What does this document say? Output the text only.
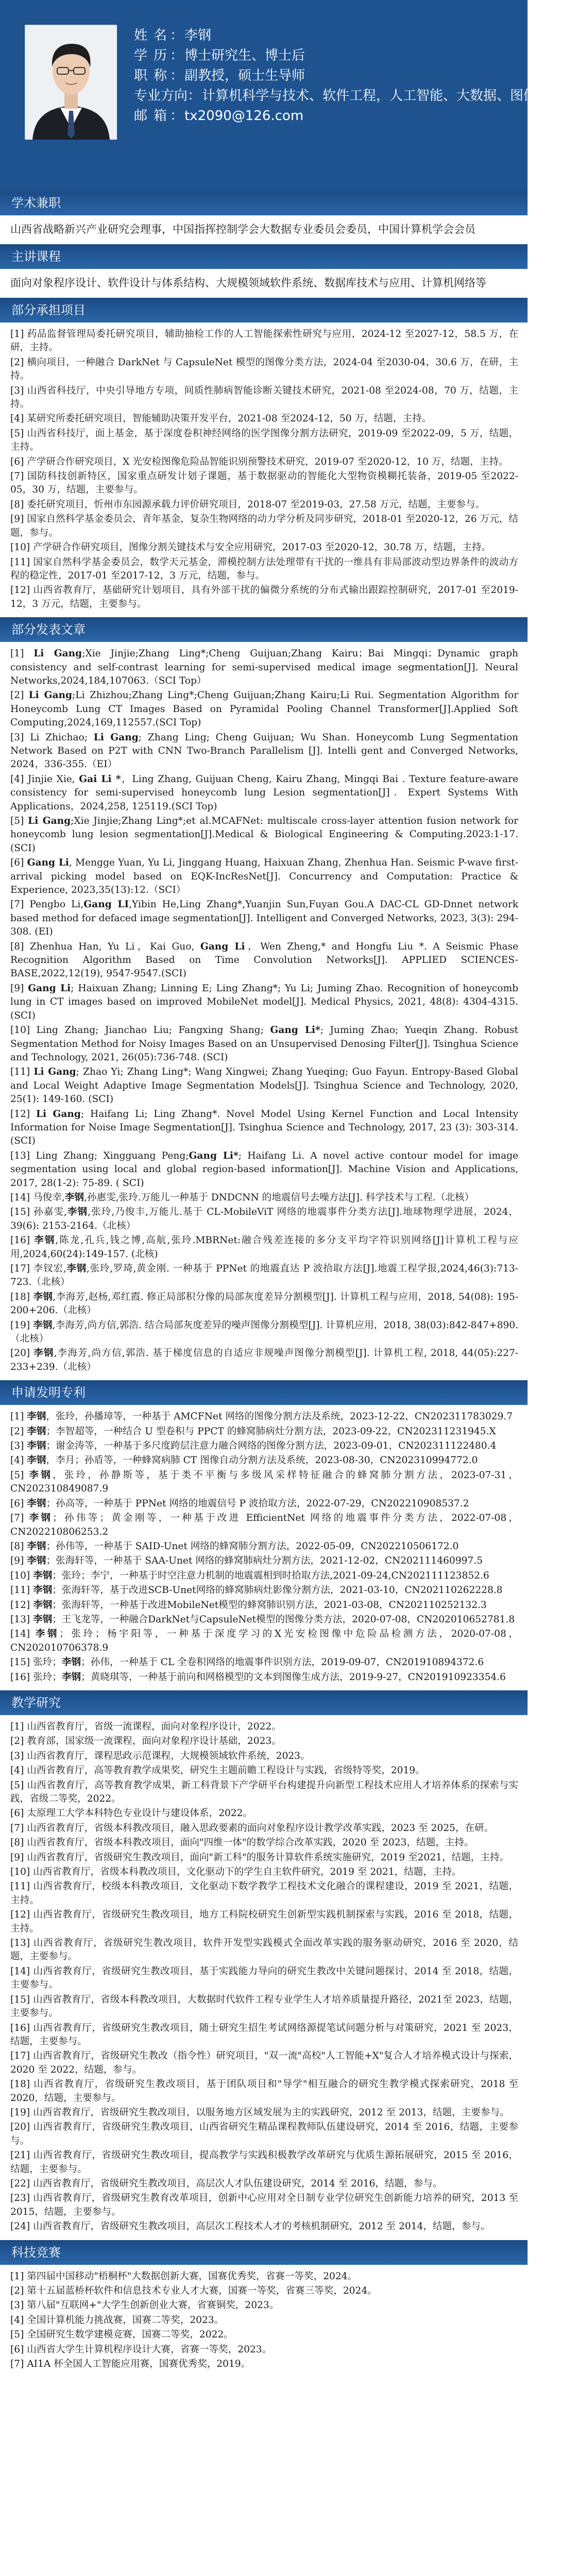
姓名
： 李钢
学历
： 博士研究生、博士后
职称
： 副教授，硕士生导师
专业方向 ： 计算机科学与技术、软件工程，人工智能、大数据、图像处理等
邮箱
： tx2090@126.com
学术兼职
山西省战略新兴产业研究会理事，中国指挥控制学会大数据专业委员会委员，中国计算机学会会员
主讲课程
面向对象程序设计、软件设计与体系结构、大规模领域软件系统、数据库技术与应用、计算机网络等
部分承担项目
[1] 药品监督管理局委托研究项目，辅助抽检工作的人工智能探索性研究与应用，2024-12 至2027-12，58.5 万，在研，主持。
[2] 横向项目，一种融合 DarkNet 与 CapsuleNet 模型的图像分类方法，2024-04 至2030-04，30.6 万，在研，主持。
[3] 山西省科技厅，中央引导地方专项，间质性肺病智能诊断关键技术研究，2021-08 至2024-08，70 万，结题，主持。
[4] 某研究所委托研究项目，智能辅助决策开发平台，2021-08 至2024-12，50 万，结题，主持。
[5] 山西省科技厅，面上基金，基于深度卷积神经网络的医学图像分割方法研究，2019-09 至2022-09，5 万，结题，主持。
[6] 产学研合作研究项目，X 光安检图像危险品智能识别预警技术研究，2019-07 至2020-12，10 万，结题，主持。
[7] 国防科技创新特区，国家重点研发计划子课题，基于数据驱动的智能化大型物资模糊托装备，2019-05 至2022-05，30 万，结题，主要参与。
[8] 委托研究项目，忻州市东园源承载力评价研究项目，2018-07 至2019-03，27.58 万元，结题，主要参与。
[9] 国家自然科学基金委员会，青年基金，复杂生物网络的动力学分析及同步研究，2018-01 至2020-12，26 万元，结题，参与。
[10] 产学研合作研究项目，图像分割关键技术与安全应用研究，2017-03 至2020-12，30.78 万，结题，主持。
[11] 国家自然科学基金委员会，数学天元基金，滞模控制方法处理带有干扰的一维具有非局部波动型边界条件的波动方程的稳定性，2017-01 至2017-12，3 万元，结题，参与。
[12] 山西省教育厅，基础研究计划项目，具有外部干扰的偏微分系统的分布式输出跟踪控制研究，2017-01 至2019-12，3 万元，结题，主要参与。
部分发表文章
[1] Li Gang;Xie Jinjie;Zhang Ling*;Cheng Guijuan;Zhang Kairu；Bai Mingqi；Dynamic graph consistency and self-contrast learning for semi-supervised medical image segmentation[J]. Neural Networks,2024,184,107063.（SCI Top）
[2] Li Gang;Li Zhizhou;Zhang Ling*;Cheng Guijuan;Zhang Kairu;Li Rui. Segmentation Algorithm for Honeycomb Lung CT Images Based on Pyramidal Pooling Channel Transformer[J].Applied Soft Computing,2024,169,112557.(SCI Top)
[3] Li Zhichao; Li Gang; Zhang Ling; Cheng Guijuan; Wu Shan. Honeycomb Lung Segmentation Network Based on P2T with CNN Two-Branch Parallelism [J]. Intelli gent and Converged Networks, 2024，336-355.（EI）
[4] Jinjie Xie, Gai Li *，Ling Zhang, Guijuan Cheng, Kairu Zhang, Mingqi Bai . Texture feature-aware consistency for semi-supervised honeycomb lung Lesion segmentation[J]．Expert Systems With Applications，2024,258, 125119.(SCI Top)
[5] Li Gang;Xie Jinjie;Zhang Ling*;et al.MCAFNet: multiscale cross-layer attention fusion network for honeycomb lung lesion segmentation[J].Medical & Biological Engineering & Computing.2023:1-17.(SCI)
[6] Gang Li, Mengge Yuan, Yu Li, Jinggang Huang, Haixuan Zhang, Zhenhua Han. Seismic P-wave first-arrival picking model based on EQK-IncResNet[J]. Concurrency and Computation: Practice & Experience, 2023,35(13):12.（SCI）
[7] Pengbo Li,Gang LI,Yibin He,Ling Zhang*,Yuanjin Sun,Fuyan Gou.A DAC-CL GD-Dnnet network based method for defaced image segmentation[J]. Intelligent and Converged Networks, 2023, 3(3): 294-308. (EI)
[8] Zhenhua Han, Yu Li，Kai Guo, Gang Li，Wen Zheng,* and Hongfu Liu *. A Seismic Phase Recognition Algorithm Based on Time Convolution Networks[J]. APPLIED SCIENCES-BASE,2022,12(19), 9547-9547.(SCI)
[9] Gang Li; Haixuan Zhang; Linning E; Ling Zhang*; Yu Li; Juming Zhao. Recognition of honeycomb lung in CT images based on improved MobileNet model[J]. Medical Physics, 2021, 48(8): 4304-4315. (SCI)
[10] Ling Zhang; Jianchao Liu; Fangxing Shang; Gang Li*; Juming Zhao; Yueqin Zhang. Robust Segmentation Method for Noisy Images Based on an Unsupervised Denosing Filter[J]. Tsinghua Science and Technology, 2021, 26(05):736-748. (SCI)
[11] Li Gang; Zhao Yi; Zhang Ling*; Wang Xingwei; Zhang Yueqing; Guo Fayun. Entropy-Based Global and Local Weight Adaptive Image Segmentation Models[J]. Tsinghua Science and Technology, 2020, 25(1): 149-160. (SCI)
[12] Li Gang; Haifang Li; Ling Zhang*. Novel Model Using Kernel Function and Local Intensity Information for Noise Image Segmentation[J]. Tsinghua Science and Technology, 2017, 23 (3): 303-314. (SCI)
[13] Ling Zhang; Xingguang Peng;Gang Li*; Haifang Li. A novel active contour model for image segmentation using local and global region-based information[J]. Machine Vision and Applications, 2017, 28(1-2): 75-89. ( SCI)
[14] 马俊幸,李钢,孙惠雯,张玲.万能儿一种基于 DNDCNN 的地震信号去噪方法[J]. 科学技术与工程.（北核）
[15] 孙嘉雯,李钢,张玲,乃俊丰,万能儿.基于 CL-MobileViT 网络的地震事件分类方法[J].地球物理学进展，2024，39(6): 2153-2164.（北核）
[16] 李钢,陈龙,孔兵,钱之博,高航,张玲.MBRNet:融合残差连接的多分支平均字符识别网络[J]计算机工程与应用,2024,60(24):149-157. (北核)
[17] 李钗宏,李钢,张玲,罗琦,黄金刚. 一种基于 PPNet 的地震直达 P 波拾取方法[J].地震工程学报,2024,46(3):713-723.（北核）
[18] 李钢,李海芳,赵杨,邓红霞. 修正局部积分像的局部灰度差异分割模型[J]. 计算机工程与应用，2018, 54(08): 195-200+206.（北核）
[19] 李钢,李海芳,尚方信,郭浩. 结合局部灰度差异的噪声图像分割模型[J]. 计算机应用，2018, 38(03):842-847+890.（北核）
[20] 李钢,李海芳,尚方信,郭浩. 基于梯度信息的自适应非规噪声图像分割模型[J]. 计算机工程, 2018, 44(05):227-233+239.（北核）
申请发明专利
[1] 李钢，张玲，孙播璋等，一种基于 AMCFNet 网络的图像分割方法及系统，2023-12-22，CN202311783029.7
[2] 李钢；李智超等，一种结合 U 型卷积与 PPCT 的蜂窝肺病灶分割方法，2023-09-22，CN202311231945.X
[3] 李钢；谢金涛等，一种基于多尺度跨层注意力融合网络的图像分割方法，2023-09-01，CN202311122480.4
[4] 李钢，李月；孙盾等，一种蜂窝病肺 CT 图像自动分割方法及系统，2023-08-30，CN202310994772.0
[5] 李钢，张玲，孙静斯等，基于类不平衡与多级风采样特征融合的蜂窝肺分割方法，2023-07-31，CN202310849087.9
[6] 李钢；孙高等，一种基于 PPNet 网络的地震信号 P 波拾取方法，2022-07-29，CN202210908537.2
[7] 李钢；孙伟等；黄金刚等，一种基于改进 EfficientNet 网络的地震事件分类方法，2022-07-08，CN202210806253.2
[8] 李钢；孙伟等，一种基于 SAID-Unet 网络的蜂窝肺分割方法，2022-05-09，CN202210506172.0
[9] 李钢；张海轩等，一种基于 SAA-Unet 网络的蜂窝肺病灶分割方法，2021-12-02，CN202111460997.5
[10] 李钢；张玲；李宁，一种基于时空注意力机制的地震震相到时拾取方法,2021-09-24,CN202111123852.6
[11] 李钢；张海轩等，基于改进SCB-Unet网络的蜂窝肺病灶影像分割方法，2021-03-10，CN202110262228.8
[12] 李钢；张海轩等，一种基于改进MobileNet模型的蜂窝肺识别方法，2021-03-08，CN202110252132.3
[13] 李钢；王飞龙等，一种融合DarkNet与CapsuleNet模型的图像分类方法，2020-07-08，CN202010652781.8
[14] 李钢；张玲；杨宇阳等，一种基于深度学习的X光安检图像中危险品检测方法，2020-07-08，CN202010706378.9
[15] 张玲；李钢；孙伟，一种基于 CL 全卷积网络的地震事件识别方法，2019-09-07，CN201910894372.6
[16] 张玲；李钢；黄晓琪等，一种基于前向和网格模型的文本到图像生成方法，2019-9-27，CN201910923354.6
教学研究
[1] 山西省教育厅，省级一流课程，面向对象程序设计，2022。
[2] 教育部，国家级一流课程，面向对象程序设计基础，2023。
[3] 山西省教育厅，课程思政示范课程，大规模领域软件系统，2023。
[4] 山西省教育厅，高等教育教学成果奖，研究生主题前瞻工程设计与实践，省级特等奖，2019。
[5] 山西省教育厅，高等教育教学成果，新工科背景下产学研平台构建提升向新型工程技术应用人才培养体系的探索与实践，省级二等奖，2022。
[6] 太原理工大学本科特色专业设计与建设体系，2022。
[7] 山西省教育厅，省级本科教改项目，融入思政要素的面向对象程序设计教学改革实践，2023 至 2025，在研。
[8] 山西省教育厅，省级本科教改项目，面向"四维一体"的数学综合改革实践，2020 至 2023，结题，主持。
[9] 山西省教育厅，省级研究生教改项目，面向"新工科"的服务计算软件系统实施研究，2019 至2021，结题，主持。
[10] 山西省教育厅，省级本科教改项目，文化驱动下的学生自主软件研究，2019 至 2021，结题，主持。
[11] 山西省教育厅，校级本科教改项目，文化驱动下数学教学工程技术文化融合的课程建设，2019 至 2021，结题，主持。
[12] 山西省教育厅，省级研究生教改项目，地方工科院校研究生创新型实践机制探索与实践，2016 至 2018，结题，主持。
[13] 山西省教育厅，省级研究生教改项目，软件开发型实践模式全面改革实践的服务驱动研究，2016 至 2020，结题，主要参与。
[14] 山西省教育厅，省级研究生教改项目，基于实践能力导向的研究生教改中关键问题探讨，2014 至 2018，结题，主要参与。
[15] 山西省教育厅，省级本科教改项目，大数据时代软件工程专业学生人才培养质量提升路径，2021至 2023，结题，主要参与。
[16] 山西省教育厅，省级研究生教改项目，随士研究生招生考试网络源提笔试问题分析与对策研究，2021 至 2023，结题，主要参与。
[17] 山西省教育厅，省级研究生教改（指令性）研究项目，"双一流"高校"人工智能+X"复合人才培养模式设计与探索，2020 至 2022，结题，参与。
[18] 山西省教育厅，省级研究生教改项目，基于团队项目和"导学"相互融合的研究生教学模式探索研究，2018 至 2020，结题，主要参与。
[19] 山西省教育厅，省级研究生教改项目，以服务地方区域发展为主的实践研究，2012 至 2013，结题，主要参与。
[20] 山西省教育厅，省级研究生教改项目，山西省研究生精品课程教师队伍建设研究，2014 至 2016，结题，主要参与。
[21] 山西省教育厅，省级研究生教改项目，提高教学与实践积极教学改革研究与优质生源拓展研究，2015 至 2016，结题，主要参与。
[22] 山西省教育厅，省级研究生教改项目，高层次人才队伍建设研究，2014 至 2016，结题，参与。
[23] 山西省教育厅，省级研究生教育改革项目，创新中心应用对全日制专业学位研究生创新能力培养的研究，2013 至 2015，结题，主要参与。
[24] 山西省教育厅，省级研究生教改项目，高层次工程技术人才的考核机制研究，2012 至 2014，结题，参与。
科技竞赛
[1] 第四届中国移动"梧桐杯"大数据创新大赛，国赛优秀奖，省赛一等奖，2024。
[2] 第十五届蓝桥杯软件和信息技术专业人才大赛，国赛一等奖，省赛三等奖，2024。
[3] 第八届"互联网+"大学生创新创业大赛，省赛铜奖，2023。
[4] 全国计算机能力挑战赛，国赛二等奖，2023。
[5] 全国研究生数学建模竞赛，国赛二等奖，2022。
[6] 山西省大学生计算机程序设计大赛，省赛一等奖，2023。
[7] AI1A 杯全国人工智能应用赛，国赛优秀奖，2019。
